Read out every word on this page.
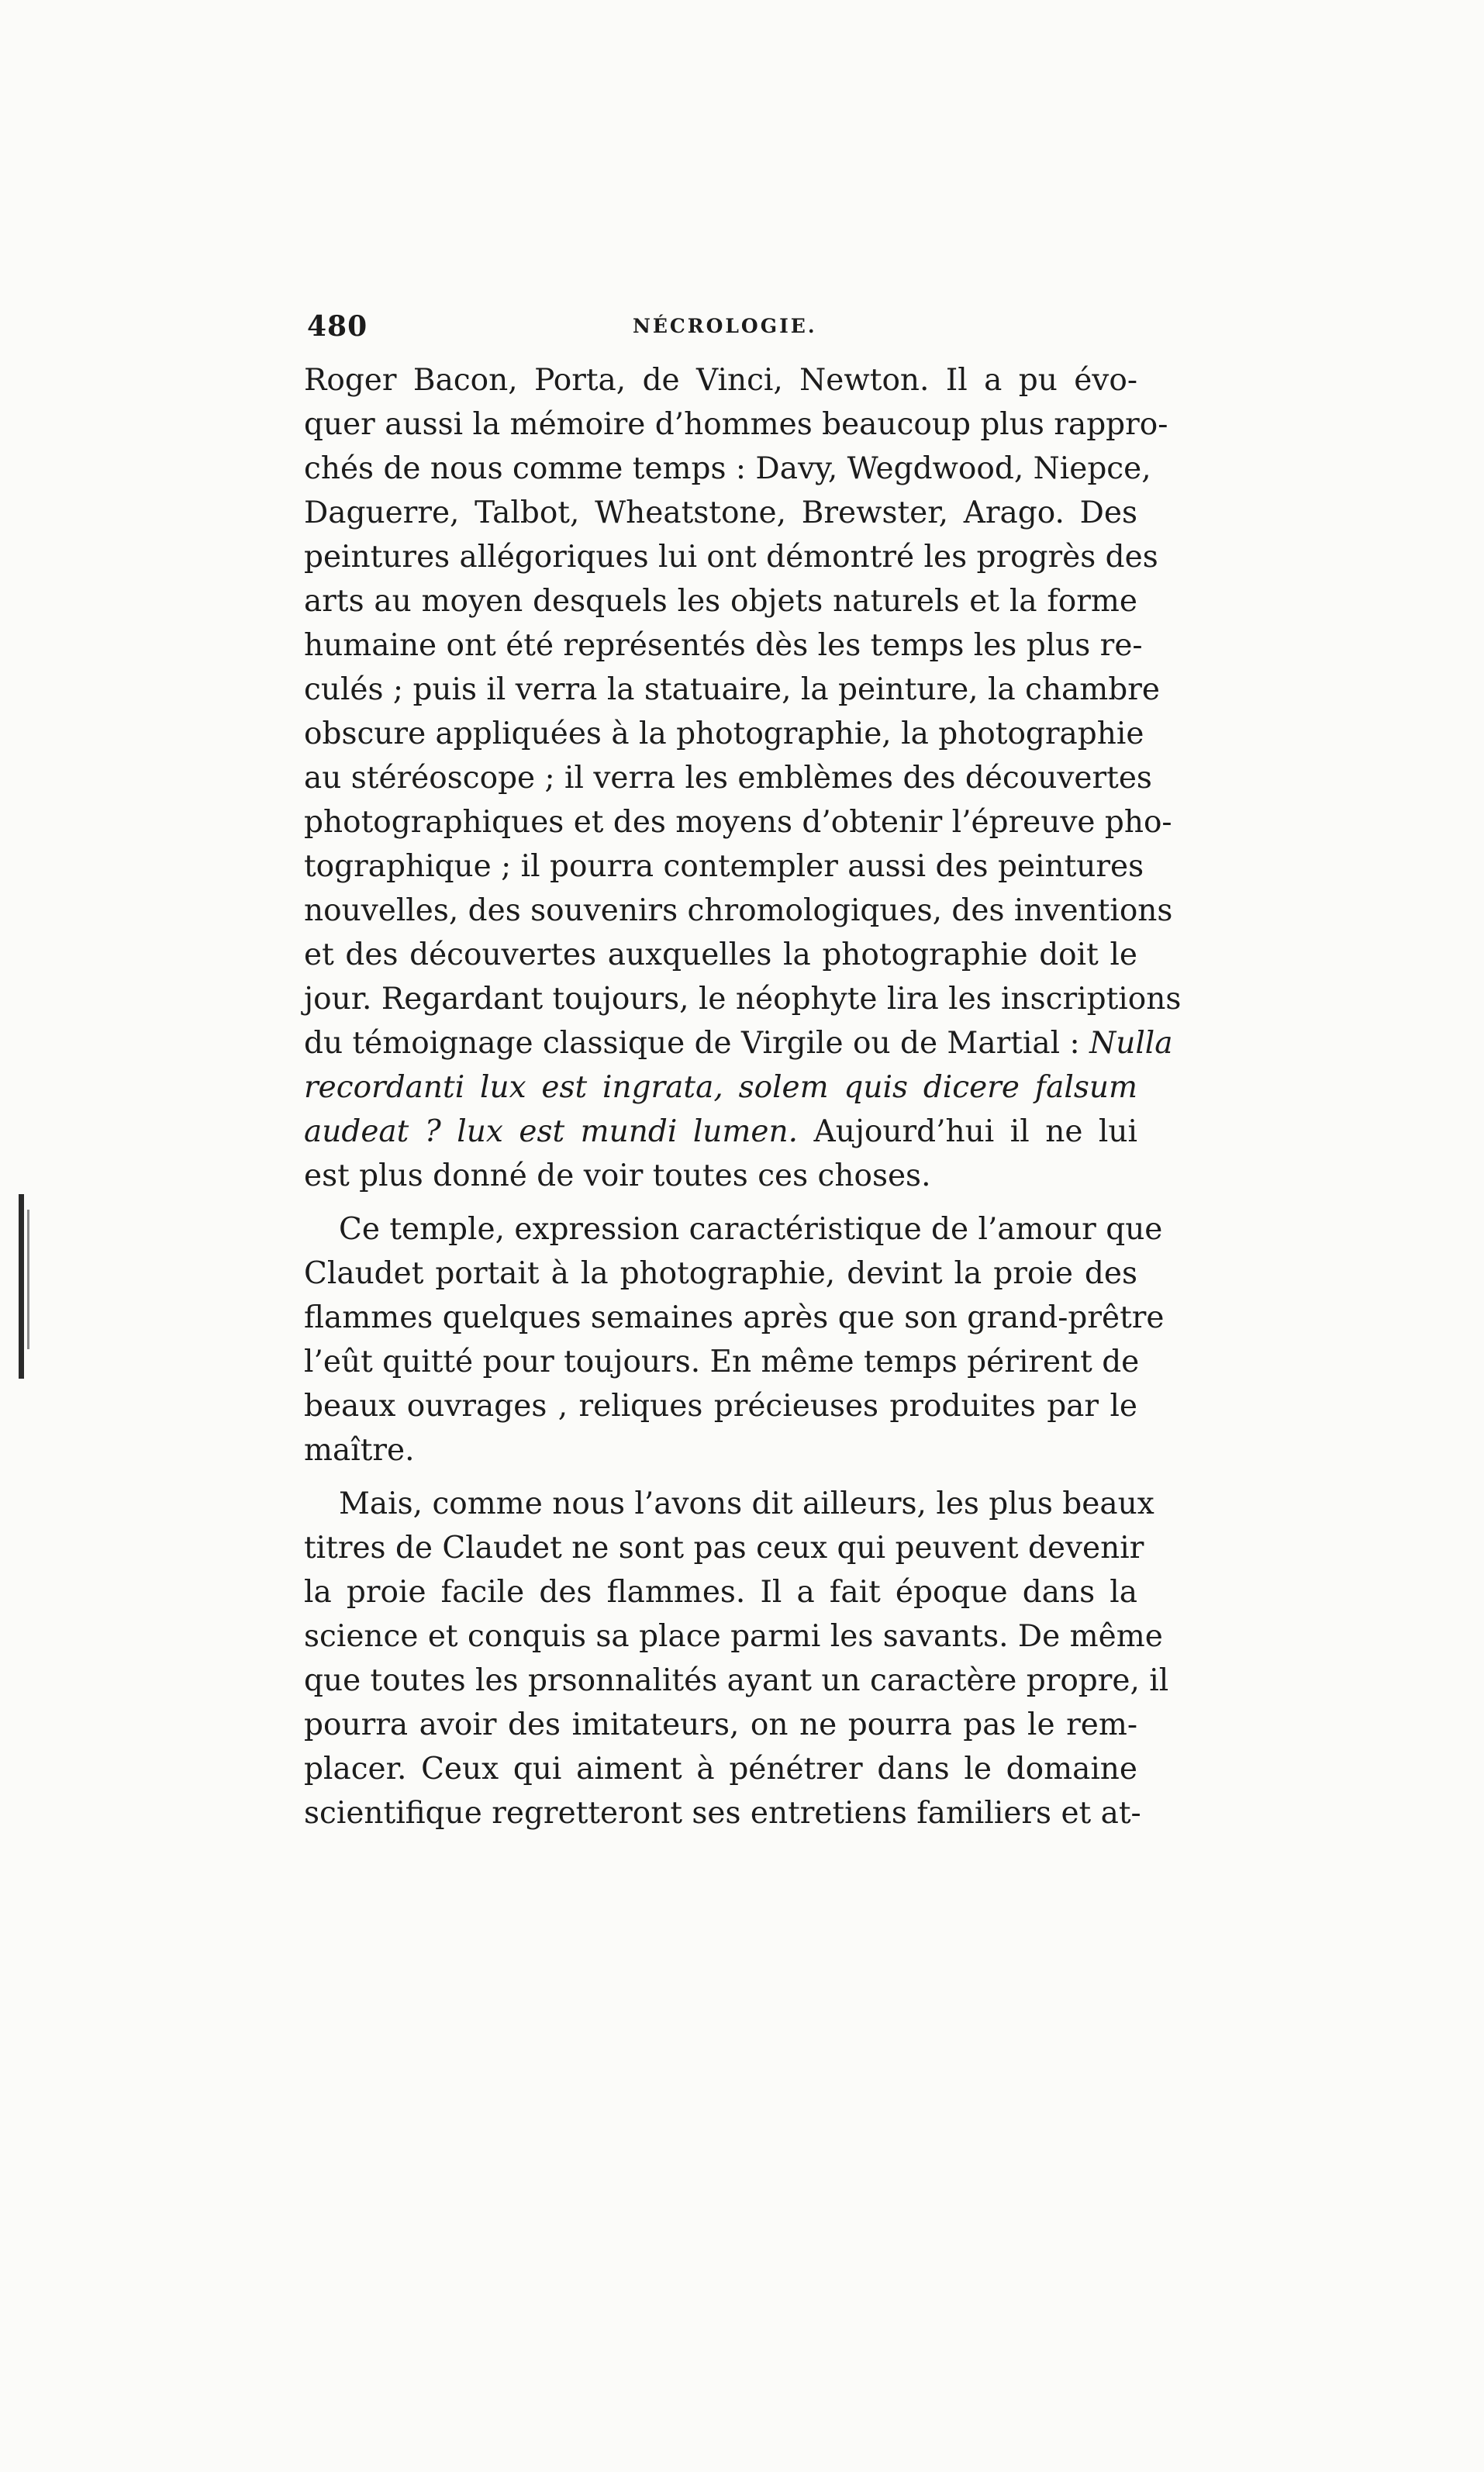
480	NÉCROLOGIE.
Roger Bacon, Porta, de Vinci, Newton. Il a pu évo-
quer aussi la mémoire d’hommes beaucoup plus rappro-
chés de nous comme temps : Davy, Wegdwood, Niepce,
Daguerre, Talbot, Wheatstone, Brewster, Arago. Des
peintures allégoriques lui ont démontré les progrès des
arts au moyen desquels les objets naturels et la forme
humaine ont été représentés dès les temps les plus re-
culés ; puis il verra la statuaire, la peinture, la chambre
obscure appliquées à la photographie, la photographie
au stéréoscope ; il verra les emblèmes des découvertes
photographiques et des moyens d’obtenir l’épreuve pho-
tographique ; il pourra contempler aussi des peintures
nouvelles, des souvenirs chromologiques, des inventions
et des découvertes auxquelles la photographie doit le
jour. Regardant toujours, le néophyte lira les inscriptions
du témoignage classique de Virgile ou de Martial : Nulla
recordanti lux est ingrata, solem quis dicere falsum
audeat ? lux est mundi lumen. Aujourd’hui il ne lui
est plus donné de voir toutes ces choses.
Ce temple, expression caractéristique de l’amour que
Claudet portait à la photographie, devint la proie des
flammes quelques semaines après que son grand-prêtre
l’eût quitté pour toujours. En même temps périrent de
beaux ouvrages , reliques précieuses produites par le
maître.
Mais, comme nous l’avons dit ailleurs, les plus beaux
titres de Claudet ne sont pas ceux qui peuvent devenir
la proie facile des flammes. Il a fait époque dans la
science et conquis sa place parmi les savants. De même
que toutes les prsonnalités ayant un caractère propre, il
pourra avoir des imitateurs, on ne pourra pas le rem-
placer. Ceux qui aiment à pénétrer dans le domaine
scientifique regretteront ses entretiens familiers et at-
